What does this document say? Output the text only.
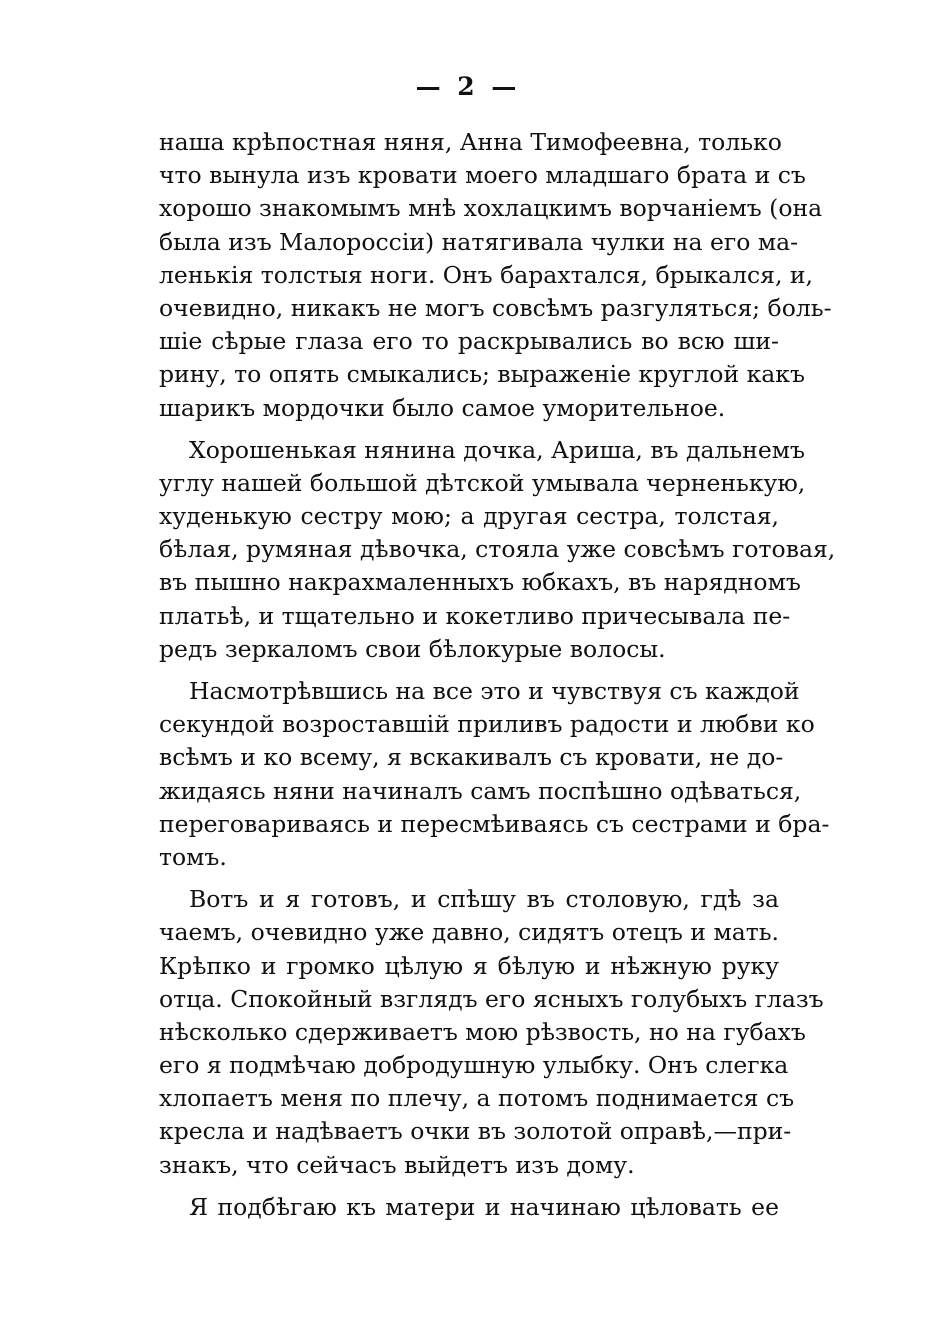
— 2 —
наша крѣпостная няня, Анна Тимофеевна, только
что вынула изъ кровати моего младшаго брата и съ
хорошо знакомымъ мнѣ хохлацкимъ ворчаніемъ (она
была изъ Малороссіи) натягивала чулки на его ма-
ленькія толстыя ноги. Онъ барахтался, брыкался, и,
очевидно, никакъ не могъ совсѣмъ разгуляться; боль-
шіе сѣрые глаза его то раскрывались во всю ши-
рину, то опять смыкались; выраженіе круглой какъ
шарикъ мордочки было самое уморительное.
Хорошенькая нянина дочка, Ариша, въ дальнемъ
углу нашей большой дѣтской умывала черненькую,
худенькую сестру мою; а другая сестра, толстая,
бѣлая, румяная дѣвочка, стояла уже совсѣмъ готовая,
въ пышно накрахмаленныхъ юбкахъ, въ нарядномъ
платьѣ, и тщательно и кокетливо причесывала пе-
редъ зеркаломъ свои бѣлокурые волосы.
Насмотрѣвшись на все это и чувствуя съ каждой
секундой возроставшій приливъ радости и любви ко
всѣмъ и ко всему, я вскакивалъ съ кровати, не до-
жидаясь няни начиналъ самъ поспѣшно одѣваться,
переговариваясь и пересмѣиваясь съ сестрами и бра-
томъ.
Вотъ и я готовъ, и спѣшу въ столовую, гдѣ за
чаемъ, очевидно уже давно, сидятъ отецъ и мать.
Крѣпко и громко цѣлую я бѣлую и нѣжную руку
отца. Спокойный взглядъ его ясныхъ голубыхъ глазъ
нѣсколько сдерживаетъ мою рѣзвость, но на губахъ
его я подмѣчаю добродушную улыбку. Онъ слегка
хлопаетъ меня по плечу, а потомъ поднимается съ
кресла и надѣваетъ очки въ золотой оправѣ,—при-
знакъ, что сейчасъ выйдетъ изъ дому.
Я подбѣгаю къ матери и начинаю цѣловать ее
